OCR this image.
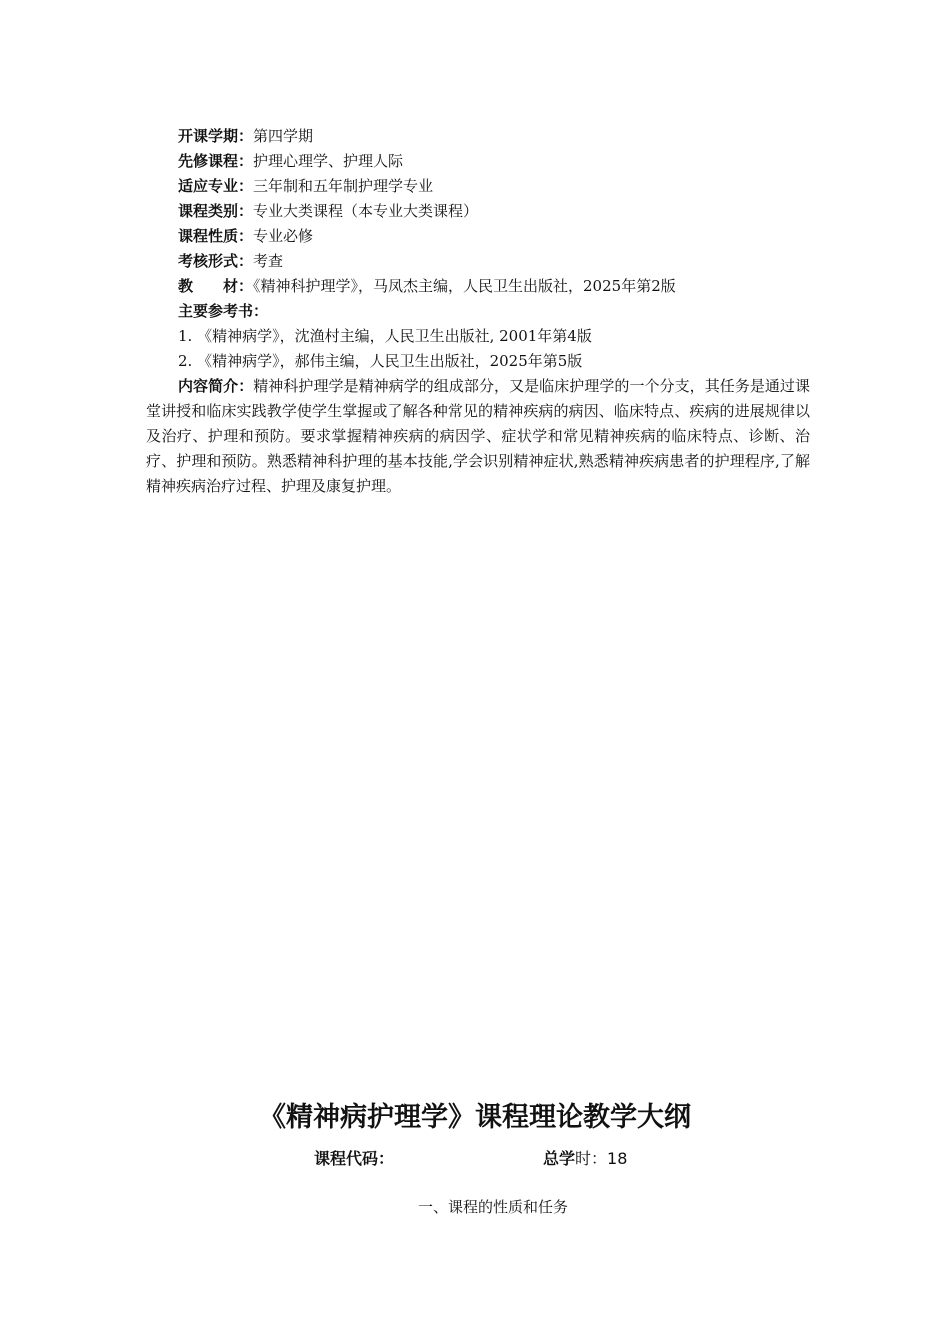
开课学期：第四学期
先修课程：护理心理学、护理人际
适应专业：三年制和五年制护理学专业
课程类别：专业大类课程（本专业大类课程）
课程性质：专业必修
考核形式：考查
教　　材：《精神科护理学》，马凤杰主编，人民卫生出版社，2025年第2版
主要参考书：
1. 《精神病学》，沈渔村主编，人民卫生出版社, 2001年第4版
2. 《精神病学》，郝伟主编，人民卫生出版社，2025年第5版
内容简介：精神科护理学是精神病学的组成部分，又是临床护理学的一个分支，其任务是通过课堂讲授和临床实践教学使学生掌握或了解各种常见的精神疾病的病因、临床特点、疾病的进展规律以及治疗、护理和预防。要求掌握精神疾病的病因学、症状学和常见精神疾病的临床特点、诊断、治疗、护理和预防。熟悉精神科护理的基本技能,学会识别精神症状,熟悉精神疾病患者的护理程序,了解精神疾病治疗过程、护理及康复护理。
《精神病护理学》课程理论教学大纲
课程代码：	总学时：18
一、课程的性质和任务
